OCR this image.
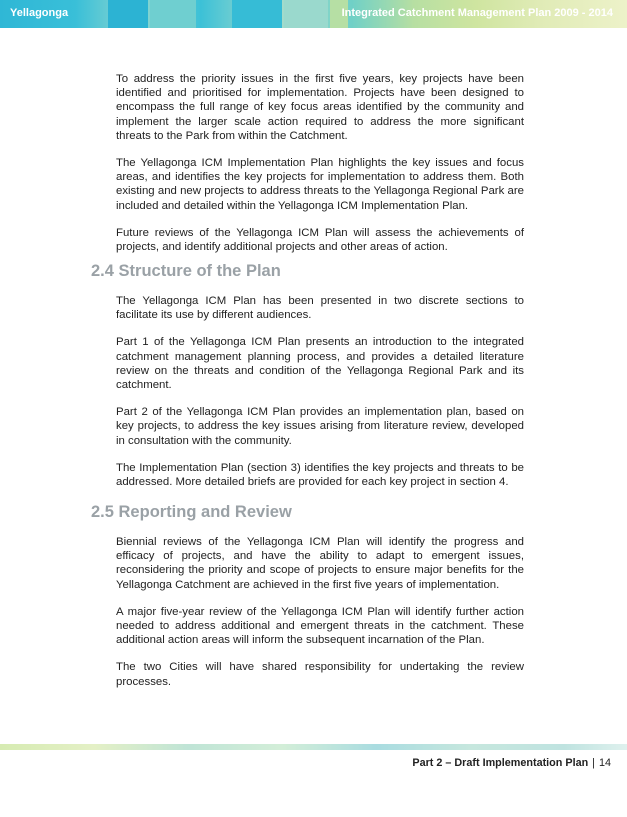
Yellagonga	Integrated Catchment Management Plan 2009 - 2014

To address the priority issues in the first five years, key projects have been identified and prioritised for implementation. Projects have been designed to encompass the full range of key focus areas identified by the community and implement the larger scale action required to address the more significant threats to the Park from within the Catchment.

The Yellagonga ICM Implementation Plan highlights the key issues and focus areas, and identifies the key projects for implementation to address them. Both existing and new projects to address threats to the Yellagonga Regional Park are included and detailed within the Yellagonga ICM Implementation Plan.

Future reviews of the Yellagonga ICM Plan will assess the achievements of projects, and identify additional projects and other areas of action.

2.4 Structure of the Plan

The Yellagonga ICM Plan has been presented in two discrete sections to facilitate its use by different audiences.

Part 1 of the Yellagonga ICM Plan presents an introduction to the integrated catchment management planning process, and provides a detailed literature review on the threats and condition of the Yellagonga Regional Park and its catchment.

Part 2 of the Yellagonga ICM Plan provides an implementation plan, based on key projects, to address the key issues arising from literature review, developed in consultation with the community.

The Implementation Plan (section 3) identifies the key projects and threats to be addressed. More detailed briefs are provided for each key project in section 4.

2.5 Reporting and Review

Biennial reviews of the Yellagonga ICM Plan will identify the progress and efficacy of projects, and have the ability to adapt to emergent issues, reconsidering the priority and scope of projects to ensure major benefits for the Yellagonga Catchment are achieved in the first five years of implementation.

A major five-year review of the Yellagonga ICM Plan will identify further action needed to address additional and emergent threats in the catchment. These additional action areas will inform the subsequent incarnation of the Plan.

The two Cities will have shared responsibility for undertaking the review processes.

Part 2 – Draft Implementation Plan | 14
